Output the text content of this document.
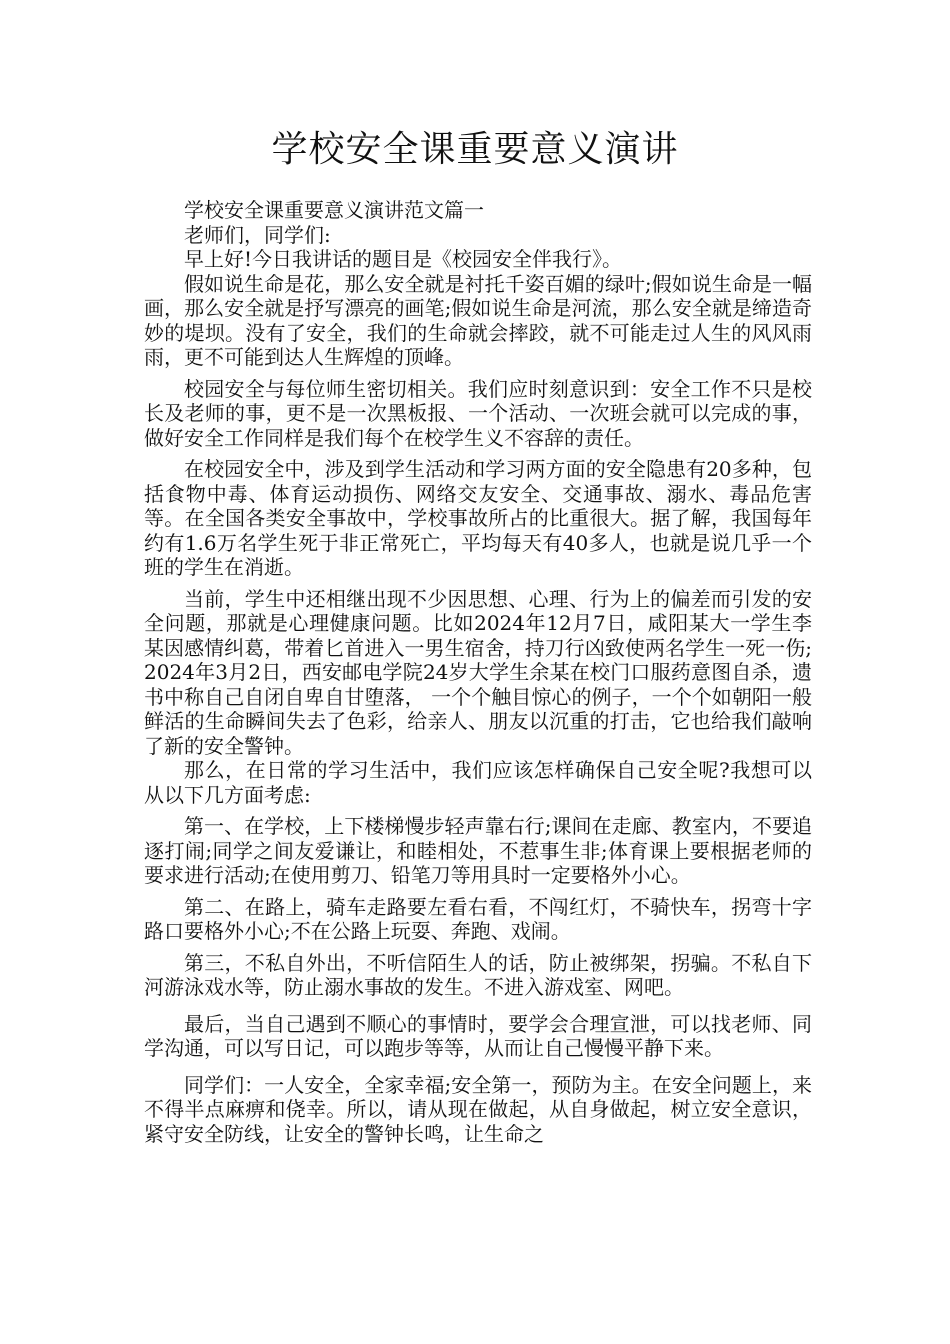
学校安全课重要意义演讲

学校安全课重要意义演讲范文篇一

老师们，同学们:

早上好!今日我讲话的题目是《校园安全伴我行》。

假如说生命是花，那么安全就是衬托千姿百媚的绿叶;假如说生命是一幅画，那么安全就是抒写漂亮的画笔;假如说生命是河流，那么安全就是缔造奇妙的堤坝。没有了安全，我们的生命就会摔跤，就不可能走过人生的风风雨雨，更不可能到达人生辉煌的顶峰。

校园安全与每位师生密切相关。我们应时刻意识到：安全工作不只是校长及老师的事，更不是一次黑板报、一个活动、一次班会就可以完成的事，做好安全工作同样是我们每个在校学生义不容辞的责任。

在校园安全中，涉及到学生活动和学习两方面的安全隐患有20多种，包括食物中毒、体育运动损伤、网络交友安全、交通事故、溺水、毒品危害等。在全国各类安全事故中，学校事故所占的比重很大。据了解，我国每年约有1.6万名学生死于非正常死亡，平均每天有40多人，也就是说几乎一个班的学生在消逝。

当前，学生中还相继出现不少因思想、心理、行为上的偏差而引发的安全问题，那就是心理健康问题。比如2024年12月7日，咸阳某大一学生李某因感情纠葛，带着匕首进入一男生宿舍，持刀行凶致使两名学生一死一伤; 2024年3月2日，西安邮电学院24岁大学生余某在校门口服药意图自杀，遗书中称自己自闭自卑自甘堕落， 一个个触目惊心的例子，一个个如朝阳一般鲜活的生命瞬间失去了色彩，给亲人、朋友以沉重的打击，它也给我们敲响了新的安全警钟。

那么，在日常的学习生活中，我们应该怎样确保自己安全呢?我想可以从以下几方面考虑:

第一、在学校，上下楼梯慢步轻声靠右行;课间在走廊、教室内，不要追逐打闹;同学之间友爱谦让，和睦相处，不惹事生非;体育课上要根据老师的要求进行活动;在使用剪刀、铅笔刀等用具时一定要格外小心。

第二、在路上，骑车走路要左看右看，不闯红灯，不骑快车，拐弯十字路口要格外小心;不在公路上玩耍、奔跑、戏闹。

第三，不私自外出，不听信陌生人的话，防止被绑架，拐骗。不私自下河游泳戏水等，防止溺水事故的发生。不进入游戏室、网吧。

最后，当自己遇到不顺心的事情时，要学会合理宣泄，可以找老师、同学沟通，可以写日记，可以跑步等等，从而让自己慢慢平静下来。

同学们：一人安全，全家幸福;安全第一，预防为主。在安全问题上，来不得半点麻痹和侥幸。所以，请从现在做起，从自身做起，树立安全意识，紧守安全防线，让安全的警钟长鸣，让生命之
